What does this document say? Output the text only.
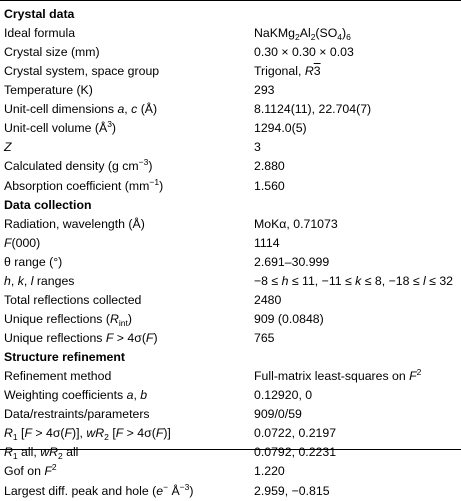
Crystal data
Ideal formula	$NaKMg_2Al_2(SO_4)_6$
Crystal size (mm)	0.30 × 0.30 × 0.03
Crystal system, space group	Trigonal, R3
Temperature (K)	293
Unit-cell dimensions a, c (Å)	8.1124(11), 22.704(7)
Unit-cell volume $(Å^3)$	1294.0(5)
Z	3
Calculated density (g $cm^{-3}$)	2.880
Absorption coefficient $(mm^{-1})$	1.560
Data collection
Radiation, wavelength (Å)	MoKα, 0.71073
F(000)	1114
θ range (°)	2.691–30.999
h, k, l ranges	−8 ≤ h ≤ 11, −11 ≤ k ≤ 8, −18 ≤ l ≤ 32
Total reflections collected	2480
Unique reflections $(R_{int})$	909 (0.0848)
Unique reflections F > 4σ(F)	765
Structure refinement
Refinement method	Full-matrix least-squares on $F^2$
Weighting coefficients a, b	0.12920, 0
Data/restraints/parameters	909/0/59
$R_1$ [F > 4σ(F)], $wR_2$ [F > 4σ(F)]	0.0722, 0.2197
$R_1$ all, $wR_2$ all	0.0792, 0.2231
Gof on $F^2$	1.220
Largest diff. peak and hole (e− $Å^{-3}$)	2.959, −0.815
